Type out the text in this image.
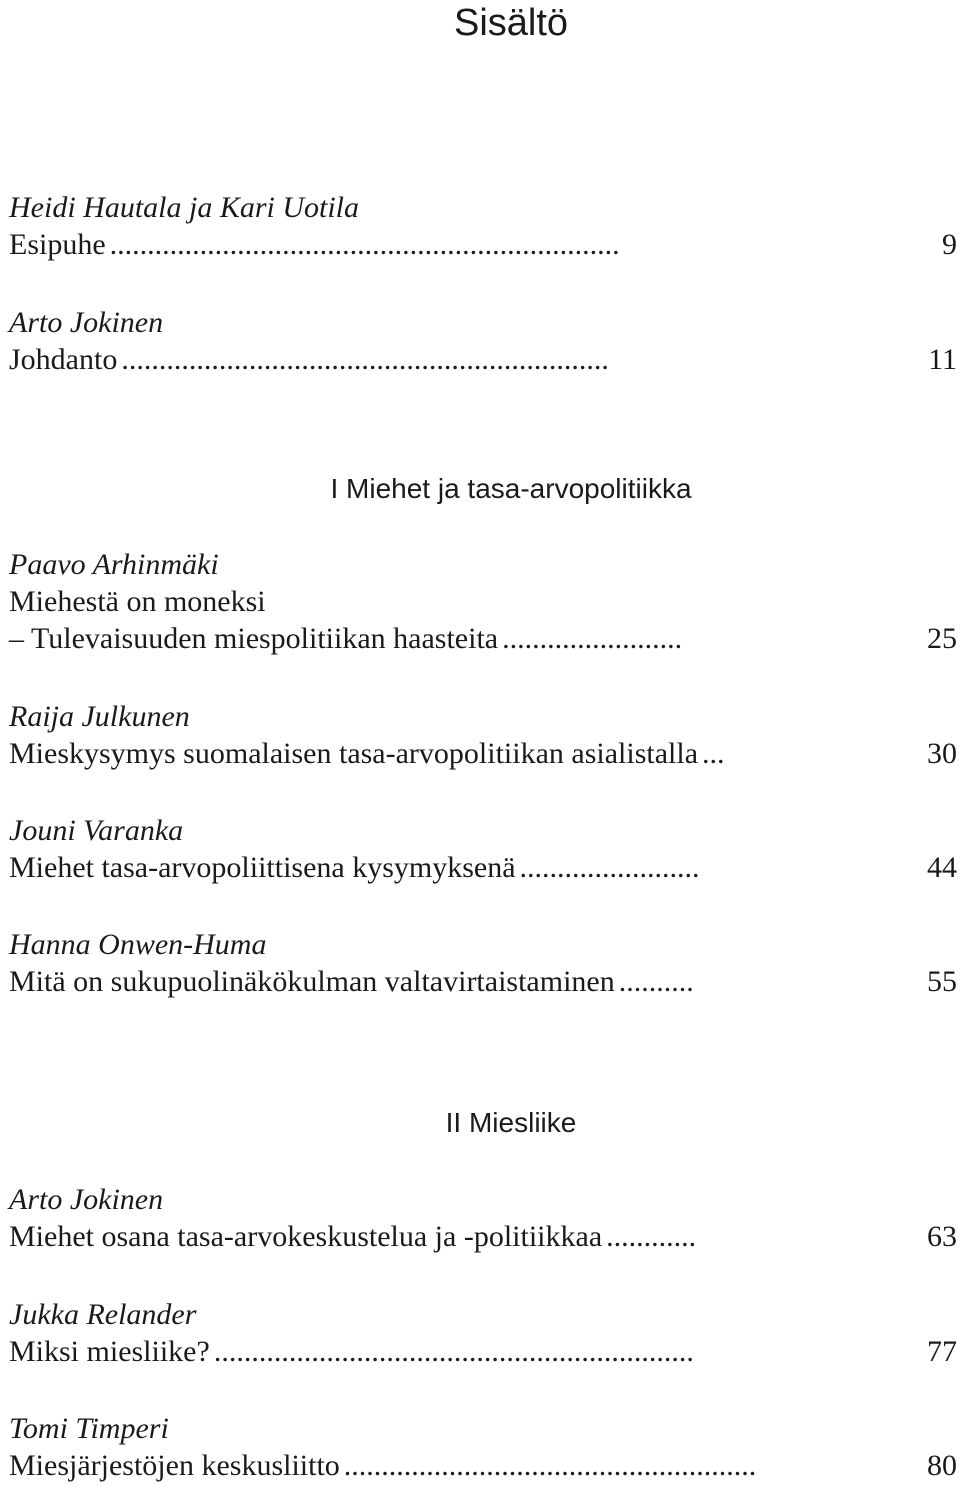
Sisältö
Heidi Hautala ja Kari Uotila
Esipuhe ....................................................................	9
Arto Jokinen
Johdanto .................................................................	11
I Miehet ja tasa-arvopolitiikka
Paavo Arhinmäki
Miehestä on moneksi
– Tulevaisuuden miespolitiikan haasteita ........................	25
Raija Julkunen
Mieskysymys suomalaisen tasa-arvopolitiikan asialistalla ...	30
Jouni Varanka
Miehet tasa-arvopoliittisena kysymyksenä ........................	44
Hanna Onwen-Huma
Mitä on sukupuolinäkökulman valtavirtaistaminen ..........	55
II Miesliike
Arto Jokinen
Miehet osana tasa-arvokeskustelua ja -politiikkaa ............	63
Jukka Relander
Miksi miesliike? ................................................................	77
Tomi Timperi
Miesjärjestöjen keskusliitto .......................................................	80
